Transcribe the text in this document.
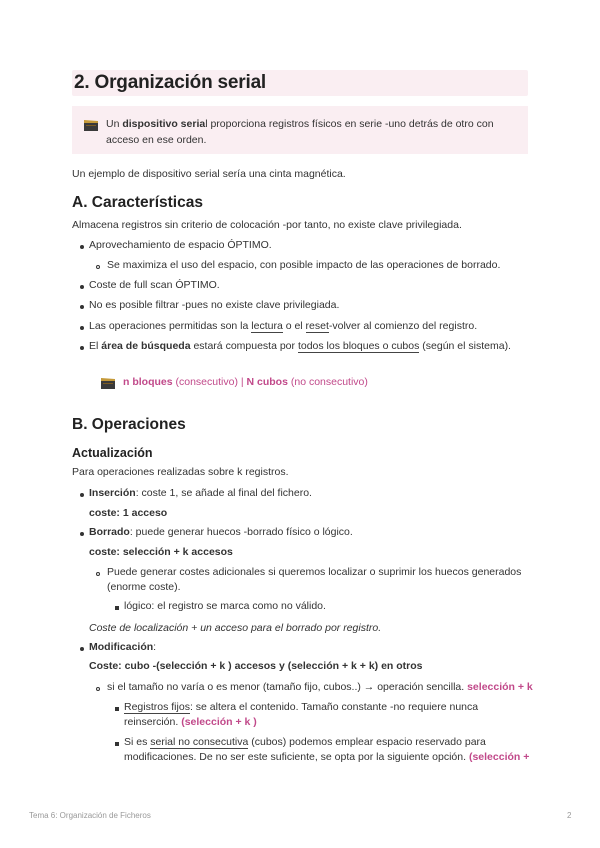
2. Organización serial
Un dispositivo serial proporciona registros físicos en serie -uno detrás de otro con
acceso en ese orden.
Un ejemplo de dispositivo serial sería una cinta magnética.
A. Características
Almacena registros sin criterio de colocación -por tanto, no existe clave privilegiada.
Aprovechamiento de espacio ÓPTIMO.
Se maximiza el uso del espacio, con posible impacto de las operaciones de borrado.
Coste de full scan ÓPTIMO.
No es posible filtrar -pues no existe clave privilegiada.
Las operaciones permitidas son la lectura o el reset-volver al comienzo del registro.
El área de búsqueda estará compuesta por todos los bloques o cubos (según el sistema).
n bloques (consecutivo) | N cubos (no consecutivo)
B. Operaciones
Actualización
Para operaciones realizadas sobre k registros.
Inserción: coste 1, se añade al final del fichero.
coste: 1 acceso
Borrado: puede generar huecos -borrado físico o lógico.
coste: selección + k accesos
Puede generar costes adicionales si queremos localizar o suprimir los huecos generados
(enorme coste).
lógico: el registro se marca como no válido.
Coste de localización + un acceso para el borrado por registro.
Modificación:
Coste: cubo -(selección + k ) accesos y (selección + k + k) en otros
si el tamaño no varía o es menor (tamaño fijo, cubos..) → operación sencilla. selección + k
Registros fijos: se altera el contenido. Tamaño constante -no requiere nunca
reinserción. (selección + k )
Si es serial no consecutiva (cubos) podemos emplear espacio reservado para
modificaciones. De no ser este suficiente, se opta por la siguiente opción. (selección +
Tema 6: Organización de Ficheros	2
